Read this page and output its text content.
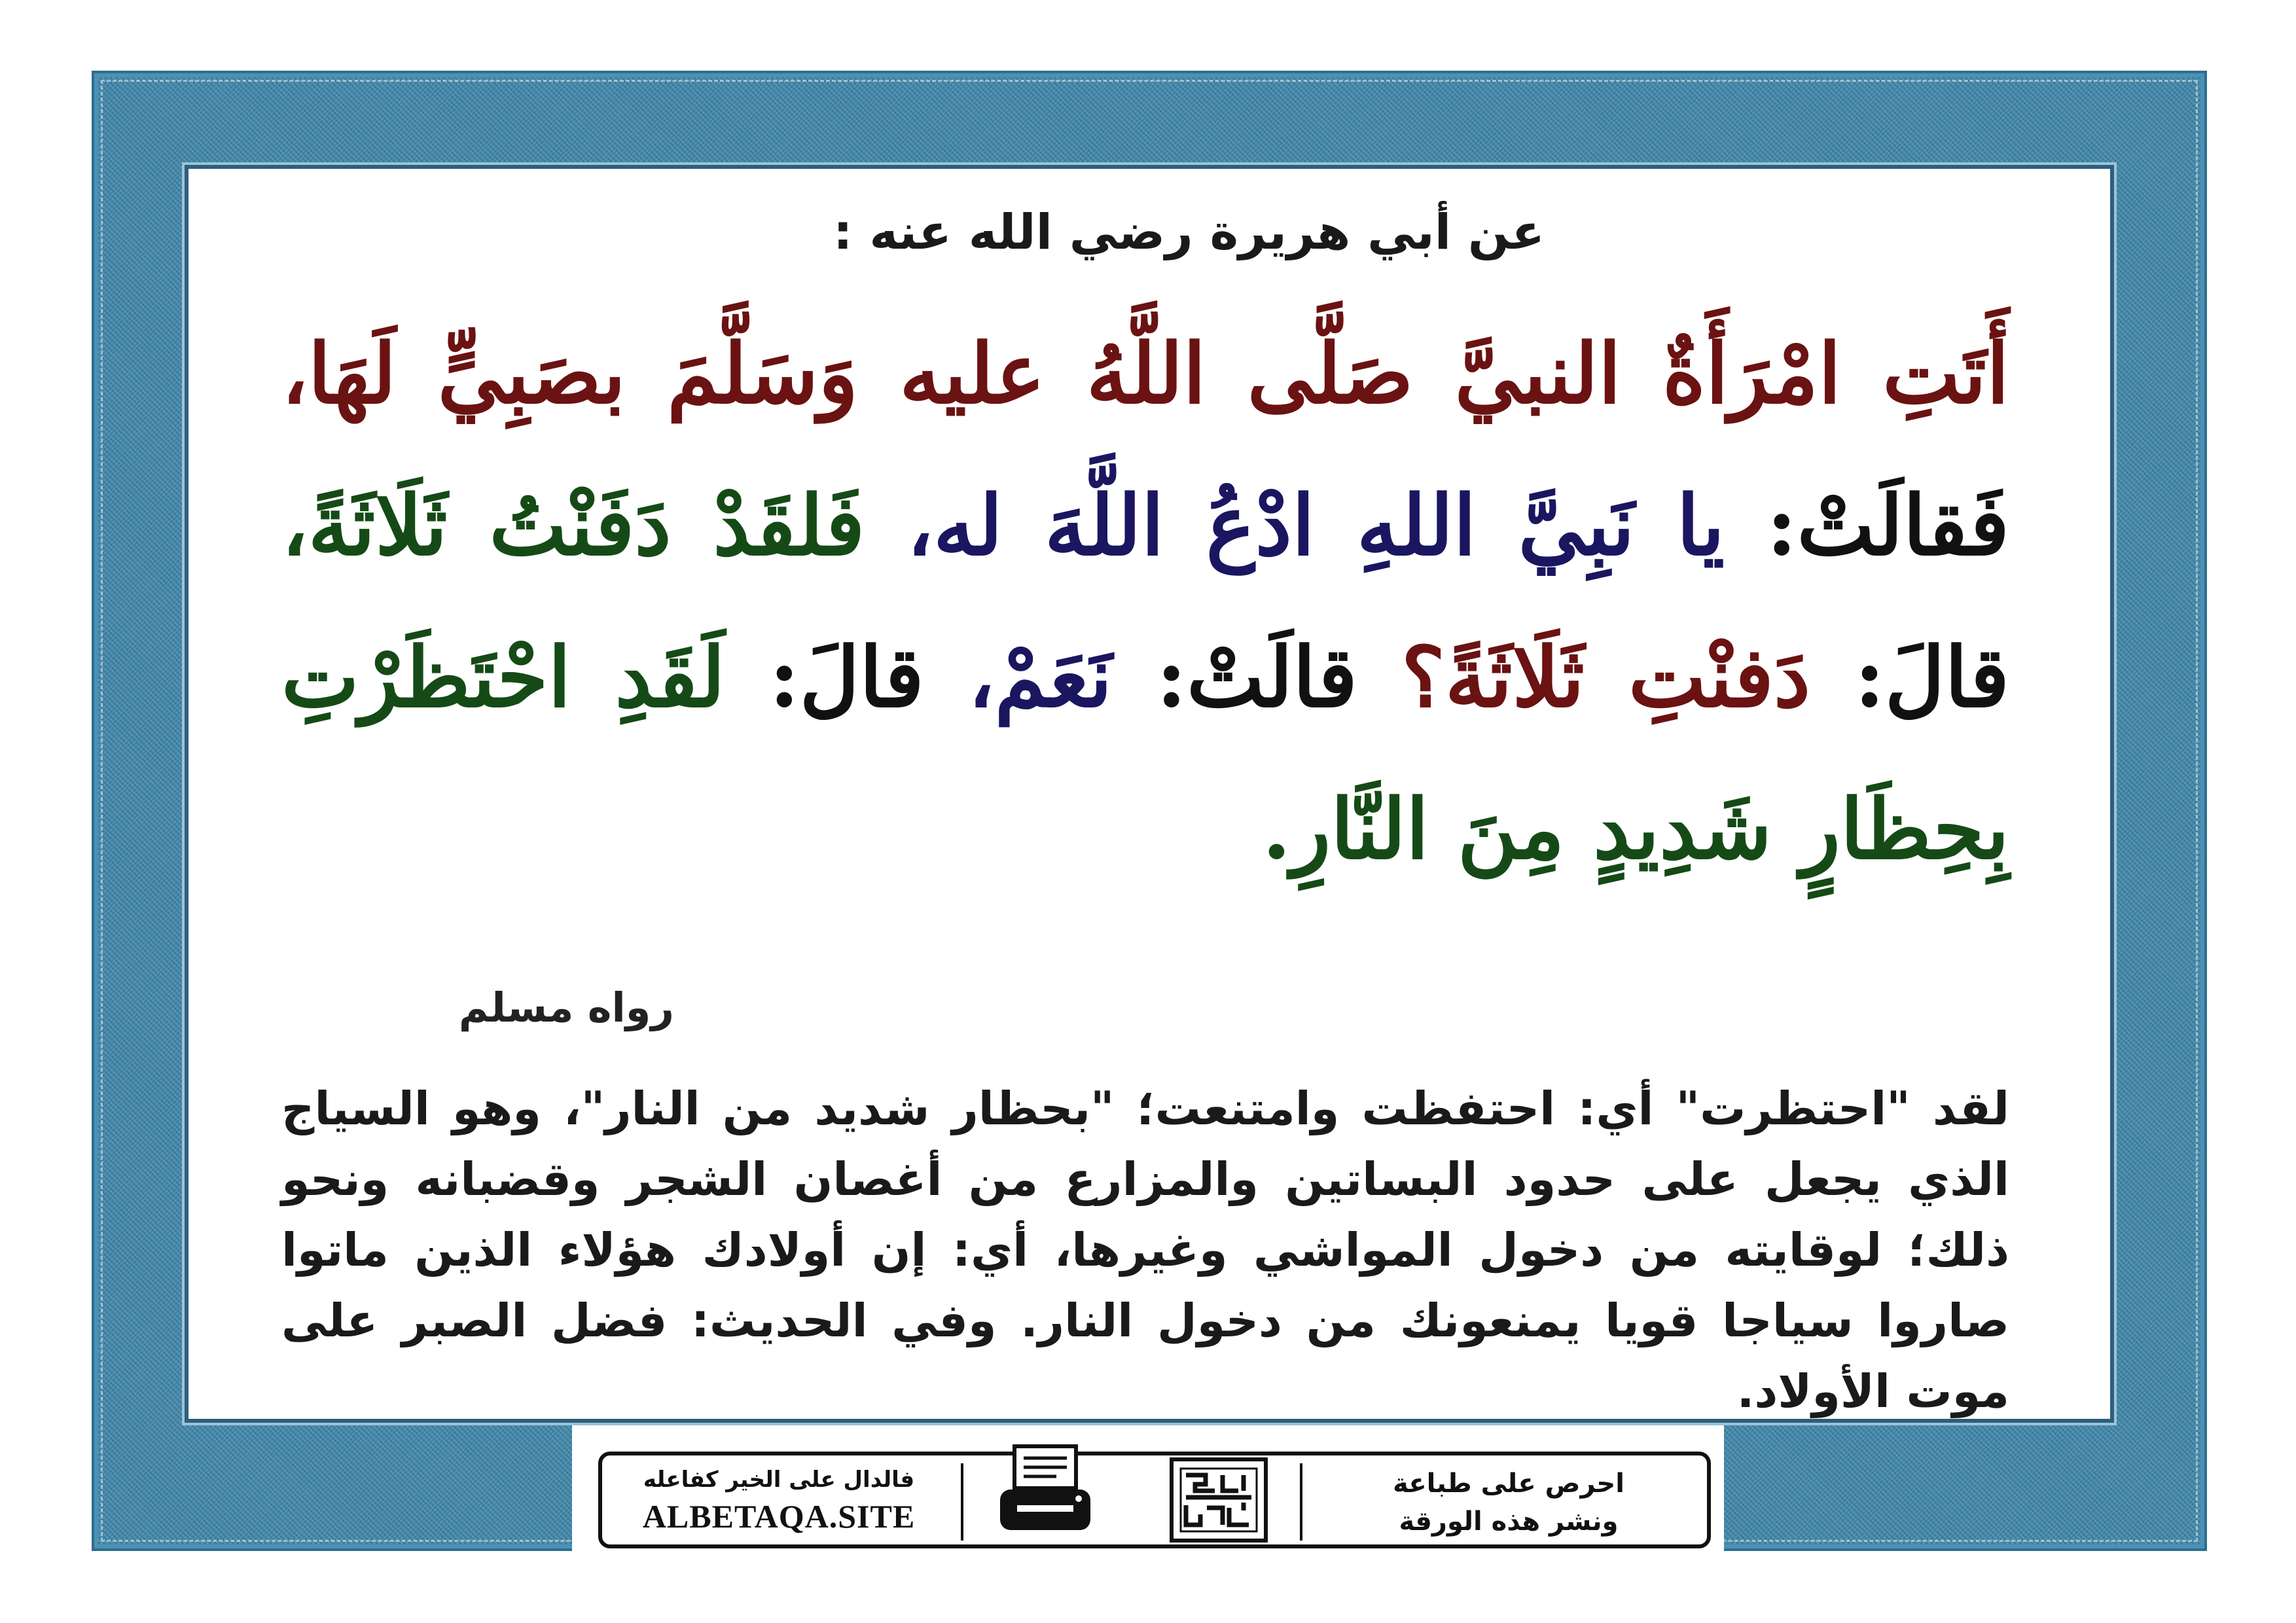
عن أبي هريرة رضي الله عنه :
أَتَتِ امْرَأَةٌ النبيَّ صَلَّى اللَّهُ عليه وَسَلَّمَ بصَبِيٍّ لَهَا، فَقالَتْ: يا نَبِيَّ اللهِ ادْعُ اللَّهَ له، فَلقَدْ دَفَنْتُ ثَلَاثَةً، قالَ: دَفنْتِ ثَلَاثَةً؟ قالَتْ: نَعَمْ، قالَ: لَقَدِ احْتَظَرْتِ بِحِظَارٍ شَدِيدٍ مِنَ النَّارِ.
رواه مسلم
لقد "احتظرت" أي: احتفظت وامتنعت؛ "بحظار شديد من النار"، وهو السياج الذي يجعل على حدود البساتين والمزارع من أغصان الشجر وقضبانه ونحو ذلك؛ لوقايته من دخول المواشي وغيرها، أي: إن أولادك هؤلاء الذين ماتوا صاروا سياجا قويا يمنعونك من دخول النار. وفي الحديث: فضل الصبر على موت الأولاد.
فالدال على الخير كفاعله
ALBETAQA.SITE
احرص على طباعة
ونشر هذه الورقة
